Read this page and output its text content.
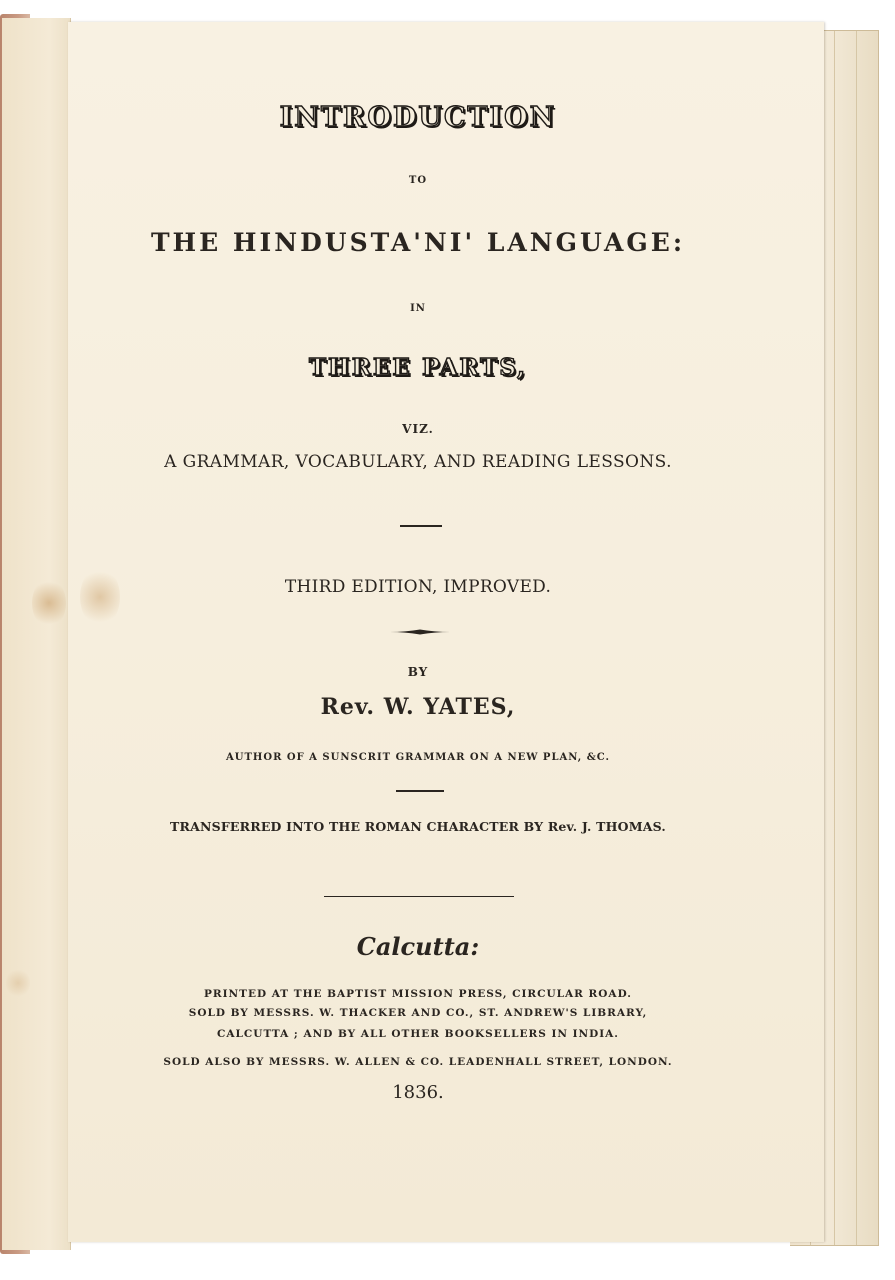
INTRODUCTION
TO
THE HINDUSTA'NI' LANGUAGE:
IN
THREE PARTS,
VIZ.
A GRAMMAR, VOCABULARY, AND READING LESSONS.
THIRD EDITION, IMPROVED.
BY
Rev. W. YATES,
AUTHOR OF A SUNSCRIT GRAMMAR ON A NEW PLAN, &C.
TRANSFERRED INTO THE ROMAN CHARACTER BY Rev. J. THOMAS.
Calcutta:
PRINTED AT THE BAPTIST MISSION PRESS, CIRCULAR ROAD.
SOLD BY MESSRS. W. THACKER AND CO., ST. ANDREW'S LIBRARY,
CALCUTTA ; AND BY ALL OTHER BOOKSELLERS IN INDIA.
SOLD ALSO BY MESSRS. W. ALLEN & CO. LEADENHALL STREET, LONDON.
1836.
